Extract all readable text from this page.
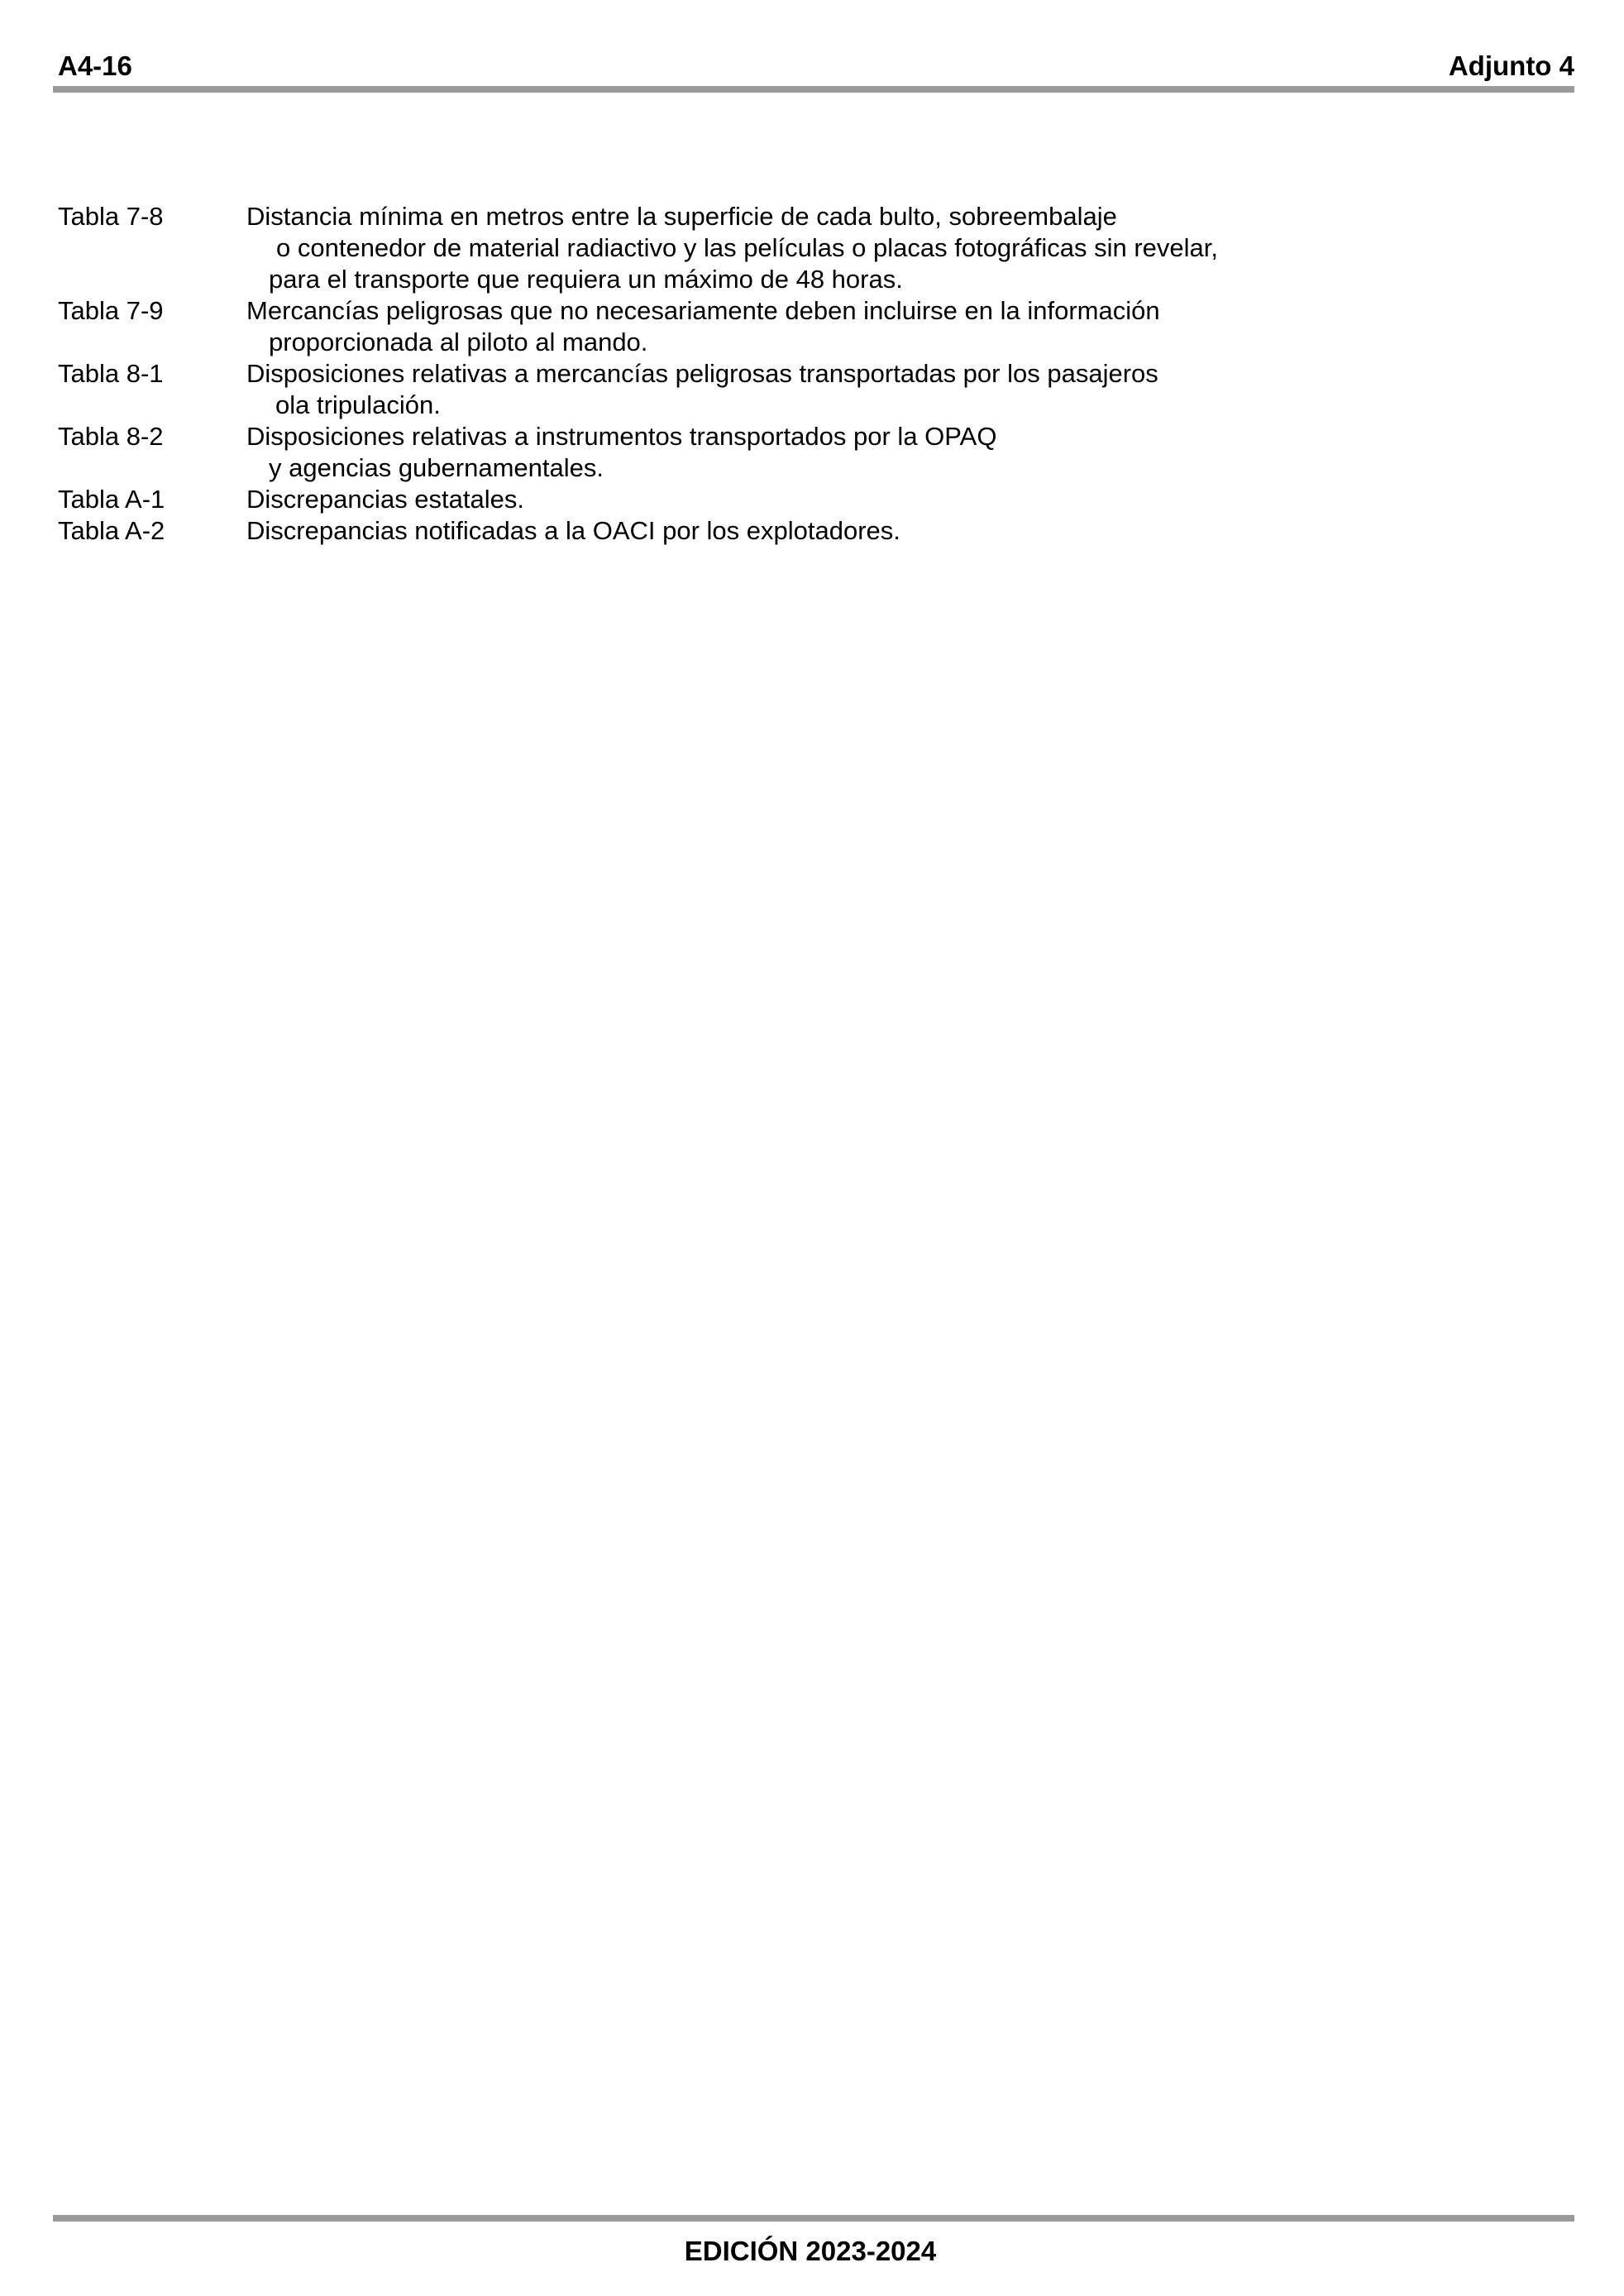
A4-16	Adjunto 4
Tabla 7-8	Distancia mínima en metros entre la superficie de cada bulto, sobreembalaje
o contenedor de material radiactivo y las películas o placas fotográficas sin revelar,
para el transporte que requiera un máximo de 48 horas.
Tabla 7-9	Mercancías peligrosas que no necesariamente deben incluirse en la información
proporcionada al piloto al mando.
Tabla 8-1	Disposiciones relativas a mercancías peligrosas transportadas por los pasajeros
ola tripulación.
Tabla 8-2	Disposiciones relativas a instrumentos transportados por la OPAQ
y agencias gubernamentales.
Tabla A-1	Discrepancias estatales.
Tabla A-2	Discrepancias notificadas a la OACI por los explotadores.
EDICIÓN 2023-2024
